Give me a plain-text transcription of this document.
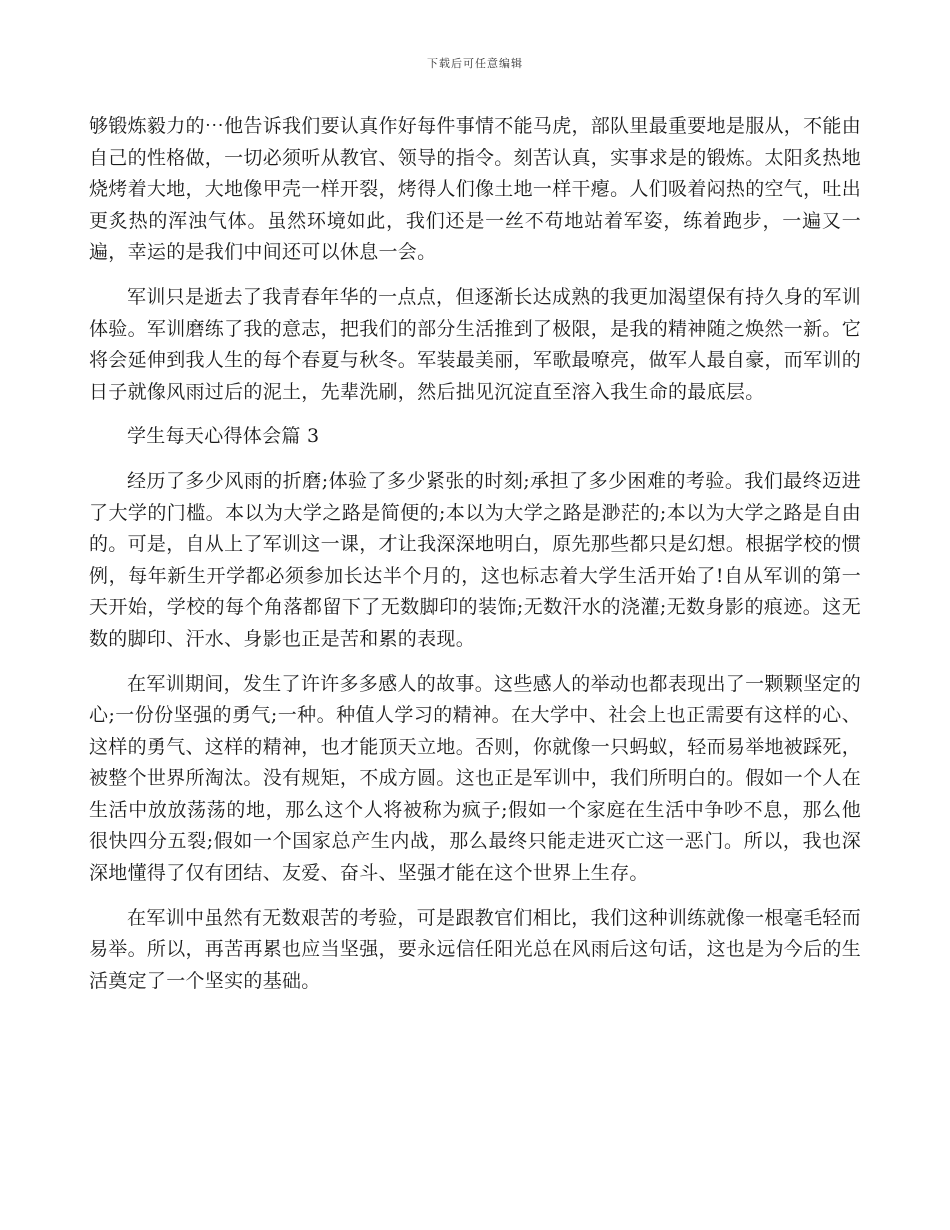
下载后可任意编辑

够锻炼毅力的⋯他告诉我们要认真作好每件事情不能马虎，部队里最重要地是服从，不能由自己的性格做，一切必须听从教官、领导的指令。刻苦认真，实事求是的锻炼。太阳炙热地烧烤着大地，大地像甲壳一样开裂，烤得人们像土地一样干瘪。人们吸着闷热的空气，吐出更炙热的浑浊气体。虽然环境如此，我们还是一丝不苟地站着军姿，练着跑步，一遍又一遍，幸运的是我们中间还可以休息一会。

军训只是逝去了我青春年华的一点点，但逐渐长达成熟的我更加渴望保有持久身的军训体验。军训磨练了我的意志，把我们的部分生活推到了极限，是我的精神随之焕然一新。它将会延伸到我人生的每个春夏与秋冬。军装最美丽，军歌最嘹亮，做军人最自豪，而军训的日子就像风雨过后的泥土，先辈洗刷，然后拙见沉淀直至溶入我生命的最底层。

学生每天心得体会篇 3

经历了多少风雨的折磨;体验了多少紧张的时刻;承担了多少困难的考验。我们最终迈进了大学的门槛。本以为大学之路是简便的;本以为大学之路是渺茫的;本以为大学之路是自由的。可是，自从上了军训这一课，才让我深深地明白，原先那些都只是幻想。根据学校的惯例，每年新生开学都必须参加长达半个月的，这也标志着大学生活开始了!自从军训的第一天开始，学校的每个角落都留下了无数脚印的装饰;无数汗水的浇灌;无数身影的痕迹。这无数的脚印、汗水、身影也正是苦和累的表现。

在军训期间，发生了许许多多感人的故事。这些感人的举动也都表现出了一颗颗坚定的心;一份份坚强的勇气;一种。种值人学习的精神。在大学中、社会上也正需要有这样的心、这样的勇气、这样的精神，也才能顶天立地。否则，你就像一只蚂蚁，轻而易举地被踩死，被整个世界所淘汰。没有规矩，不成方圆。这也正是军训中，我们所明白的。假如一个人在生活中放放荡荡的地，那么这个人将被称为疯子;假如一个家庭在生活中争吵不息，那么他很快四分五裂;假如一个国家总产生内战，那么最终只能走进灭亡这一恶门。所以，我也深深地懂得了仅有团结、友爱、奋斗、坚强才能在这个世界上生存。

在军训中虽然有无数艰苦的考验，可是跟教官们相比，我们这种训练就像一根毫毛轻而易举。所以，再苦再累也应当坚强，要永远信任阳光总在风雨后这句话，这也是为今后的生活奠定了一个坚实的基础。
